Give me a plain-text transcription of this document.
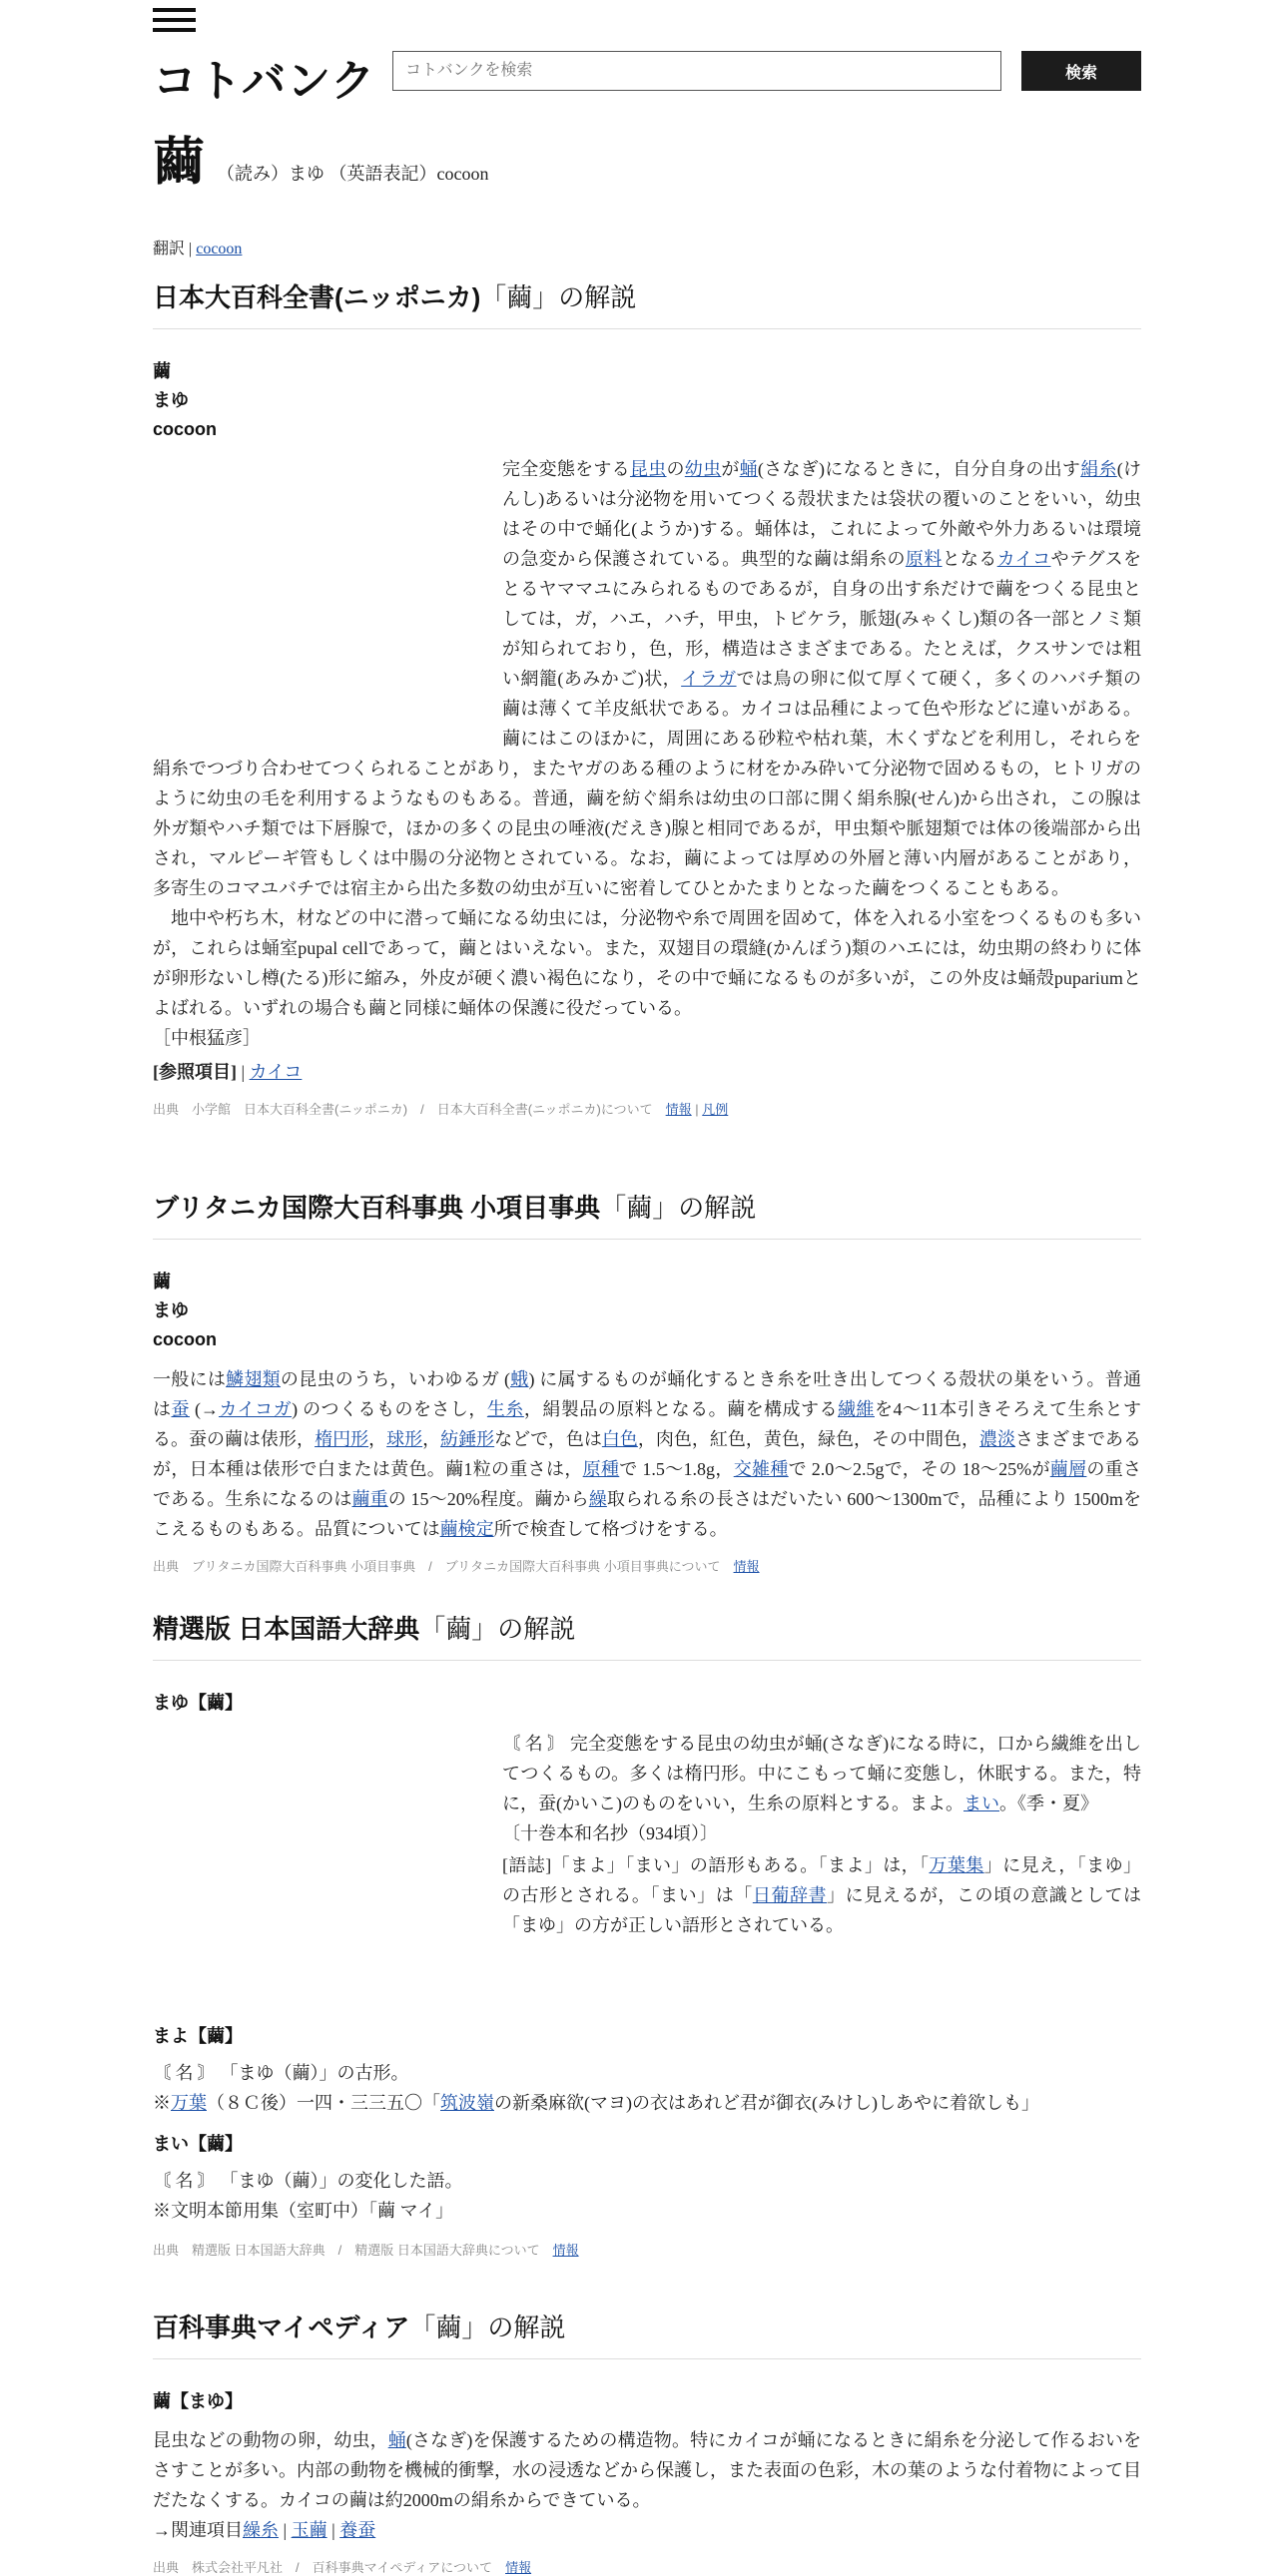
コトバンク
コトバンクを検索	検索
繭 （読み）まゆ （英語表記）cocoon
翻訳 | cocoon
日本大百科全書(ニッポニカ)「繭」の解説
繭
まゆ
cocoon
完全変態をする昆虫の幼虫が蛹(さなぎ)になるときに，自分自身の出す絹糸(けんし)あるいは分泌物を用いてつくる殻状または袋状の覆いのことをいい，幼虫はその中で蛹化(ようか)する。蛹体は，これによって外敵や外力あるいは環境の急変から保護されている。典型的な繭は絹糸の原料となるカイコやテグスをとるヤママユにみられるものであるが，自身の出す糸だけで繭をつくる昆虫としては，ガ，ハエ，ハチ，甲虫，トビケラ，脈翅(みゃくし)類の各一部とノミ類が知られており，色，形，構造はさまざまである。たとえば，クスサンでは粗い網籠(あみかご)状，イラガでは鳥の卵に似て厚くて硬く，多くのハバチ類の繭は薄くて羊皮紙状である。カイコは品種によって色や形などに違いがある。繭にはこのほかに，周囲にある砂粒や枯れ葉，木くずなどを利用し，それらを絹糸でつづり合わせてつくられることがあり，またヤガのある種のように材をかみ砕いて分泌物で固めるもの，ヒトリガのように幼虫の毛を利用するようなものもある。普通，繭を紡ぐ絹糸は幼虫の口部に開く絹糸腺(せん)から出され，この腺は外ガ類やハチ類では下唇腺で，ほかの多くの昆虫の唾液(だえき)腺と相同であるが，甲虫類や脈翅類では体の後端部から出され，マルピーギ管もしくは中腸の分泌物とされている。なお，繭によっては厚めの外層と薄い内層があることがあり，多寄生のコマユバチでは宿主から出た多数の幼虫が互いに密着してひとかたまりとなった繭をつくることもある。
　地中や朽ち木，材などの中に潜って蛹になる幼虫には，分泌物や糸で周囲を固めて，体を入れる小室をつくるものも多いが，これらは蛹室pupal cellであって，繭とはいえない。また，双翅目の環縫(かんぽう)類のハエには，幼虫期の終わりに体が卵形ないし樽(たる)形に縮み，外皮が硬く濃い褐色になり，その中で蛹になるものが多いが，この外皮は蛹殻pupariumとよばれる。いずれの場合も繭と同様に蛹体の保護に役だっている。
［中根猛彦］
[参照項目] | カイコ
出典　小学館　日本大百科全書(ニッポニカ)　/　日本大百科全書(ニッポニカ)について　情報 | 凡例
ブリタニカ国際大百科事典 小項目事典「繭」の解説
繭
まゆ
cocoon
一般には鱗翅類の昆虫のうち，いわゆるガ (蛾) に属するものが蛹化するとき糸を吐き出してつくる殻状の巣をいう。普通は蚕 (→カイコガ) のつくるものをさし，生糸，絹製品の原料となる。繭を構成する繊維を4～11本引きそろえて生糸とする。蚕の繭は俵形，楕円形，球形，紡錘形などで，色は白色，肉色，紅色，黄色，緑色，その中間色，濃淡さまざまであるが，日本種は俵形で白または黄色。繭1粒の重さは，原種で 1.5～1.8g，交雑種で 2.0～2.5gで，その 18～25%が繭層の重さである。生糸になるのは繭重の 15～20%程度。繭から繰取られる糸の長さはだいたい 600～1300mで，品種により 1500mをこえるものもある。品質については繭検定所で検査して格づけをする。
出典　ブリタニカ国際大百科事典 小項目事典　/　ブリタニカ国際大百科事典 小項目事典について　情報
精選版 日本国語大辞典「繭」の解説
まゆ【繭】
〘 名 〙 完全変態をする昆虫の幼虫が蛹(さなぎ)になる時に，口から繊維を出してつくるもの。多くは楕円形。中にこもって蛹に変態し，休眠する。また，特に，蚕(かいこ)のものをいい，生糸の原料とする。まよ。まい。《季・夏》
〔十巻本和名抄（934頃）〕
[語誌]「まよ」「まい」の語形もある。「まよ」は，「万葉集」に見え，「まゆ」の古形とされる。「まい」は「日葡辞書」に見えるが，この頃の意識としては「まゆ」の方が正しい語形とされている。
まよ【繭】
〘 名 〙 「まゆ（繭）」の古形。
※万葉（８Ｃ後）一四・三三五〇「筑波嶺の新桑麻欲(マヨ)の衣はあれど君が御衣(みけし)しあやに着欲しも」
まい【繭】
〘 名 〙 「まゆ（繭）」の変化した語。
※文明本節用集（室町中）「繭 マイ」
出典　精選版 日本国語大辞典　/　精選版 日本国語大辞典について　情報
百科事典マイペディア「繭」の解説
繭【まゆ】
昆虫などの動物の卵，幼虫，蛹(さなぎ)を保護するための構造物。特にカイコが蛹になるときに絹糸を分泌して作るおいをさすことが多い。内部の動物を機械的衝撃，水の浸透などから保護し，また表面の色彩，木の葉のような付着物によって目だたなくする。カイコの繭は約2000mの絹糸からできている。
→関連項目繰糸 | 玉繭 | 養蚕
出典　株式会社平凡社　/　百科事典マイペディアについて　情報
